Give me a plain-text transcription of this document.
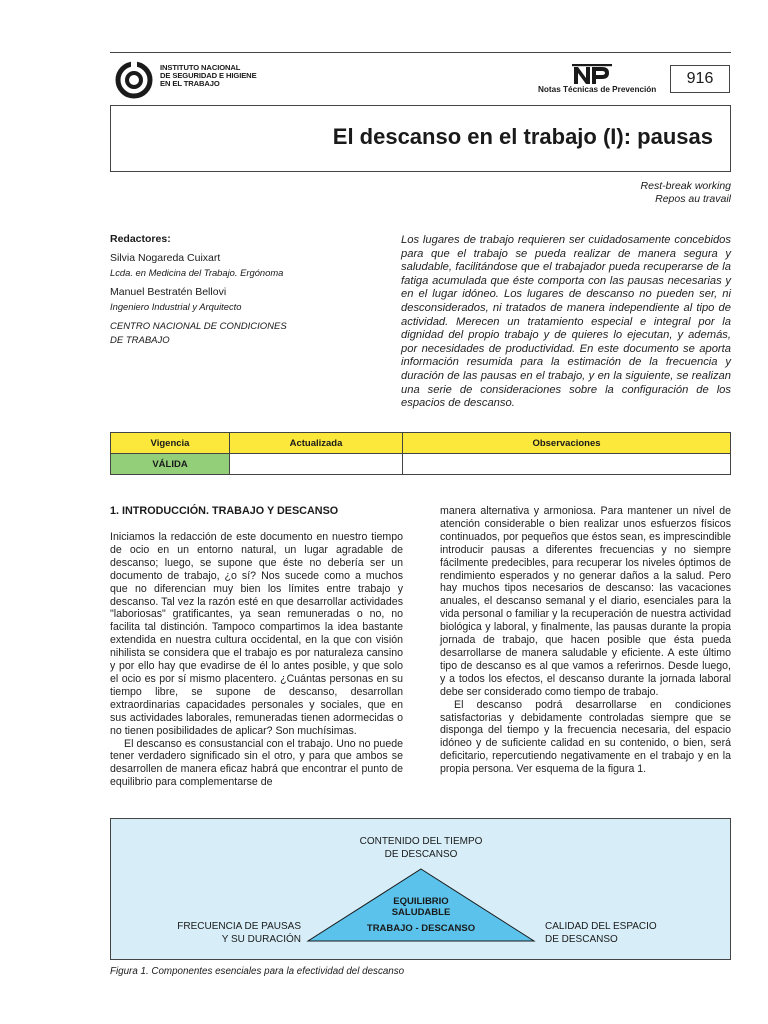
INSTITUTO NACIONAL
DE SEGURIDAD E HIGIENE
EN EL TRABAJO
Notas Técnicas de Prevención
916
El descanso en el trabajo (I): pausas
Rest-break working
Repos au travail
Redactores:
Silvia Nogareda Cuixart
Lcda. en Medicina del Trabajo. Ergónoma
Manuel Bestratén Bellovi
Ingeniero Industrial y Arquitecto
CENTRO NACIONAL DE CONDICIONES
DE TRABAJO
Los lugares de trabajo requieren ser cuidadosamente concebidos para que el trabajo se pueda realizar de manera segura y saludable, facilitándose que el trabajador pueda recuperarse de la fatiga acumulada que éste comporta con las pausas necesarias y en el lugar idóneo. Los lugares de descanso no pueden ser, ni desconsiderados, ni tratados de manera independiente al tipo de actividad. Merecen un tratamiento especial e integral por la dignidad del propio trabajo y de quieres lo ejecutan, y además, por necesidades de productividad. En este documento se aporta información resumida para la estimación de la frecuencia y duración de las pausas en el trabajo, y en la siguiente, se realizan una serie de consideraciones sobre la configuración de los espacios de descanso.
Vigencia	Actualizada	Observaciones
VÁLIDA		
1. INTRODUCCIÓN. TRABAJO Y DESCANSO

Iniciamos la redacción de este documento en nuestro tiempo de ocio en un entorno natural, un lugar agradable de descanso; luego, se supone que éste no debería ser un documento de trabajo, ¿o sí? Nos sucede como a muchos que no diferencian muy bien los límites entre trabajo y descanso. Tal vez la razón esté en que desarrollar actividades "laboriosas" gratificantes, ya sean remuneradas o no, no facilita tal distinción. Tampoco compartimos la idea bastante extendida en nuestra cultura occidental, en la que con visión nihilista se considera que el trabajo es por naturaleza cansino y por ello hay que evadirse de él lo antes posible, y que solo el ocio es por sí mismo placentero. ¿Cuántas personas en su tiempo libre, se supone de descanso, desarrollan extraordinarias capacidades personales y sociales, que en sus actividades laborales, remuneradas tienen adormecidas o no tienen posibilidades de aplicar? Son muchísimas.

El descanso es consustancial con el trabajo. Uno no puede tener verdadero significado sin el otro, y para que ambos se desarrollen de manera eficaz habrá que encontrar el punto de equilibrio para complementarse de

manera alternativa y armoniosa. Para mantener un nivel de atención considerable o bien realizar unos esfuerzos físicos continuados, por pequeños que éstos sean, es imprescindible introducir pausas a diferentes frecuencias y no siempre fácilmente predecibles, para recuperar los niveles óptimos de rendimiento esperados y no generar daños a la salud. Pero hay muchos tipos necesarios de descanso: las vacaciones anuales, el descanso semanal y el diario, esenciales para la vida personal o familiar y la recuperación de nuestra actividad biológica y laboral, y finalmente, las pausas durante la propia jornada de trabajo, que hacen posible que ésta pueda desarrollarse de manera saludable y eficiente. A este último tipo de descanso es al que vamos a referirnos. Desde luego, y a todos los efectos, el descanso durante la jornada laboral debe ser considerado como tiempo de trabajo.

El descanso podrá desarrollarse en condiciones satisfactorias y debidamente controladas siempre que se disponga del tiempo y la frecuencia necesaria, del espacio idóneo y de suficiente calidad en su contenido, o bien, será deficitario, repercutiendo negativamente en el trabajo y en la propia persona. Ver esquema de la figura 1.

CONTENIDO DEL TIEMPO
DE DESCANSO
EQUILIBRIO
SALUDABLE
TRABAJO - DESCANSO
FRECUENCIA DE PAUSAS
Y SU DURACIÓN
CALIDAD DEL ESPACIO
DE DESCANSO
Figura 1. Componentes esenciales para la efectividad del descanso
